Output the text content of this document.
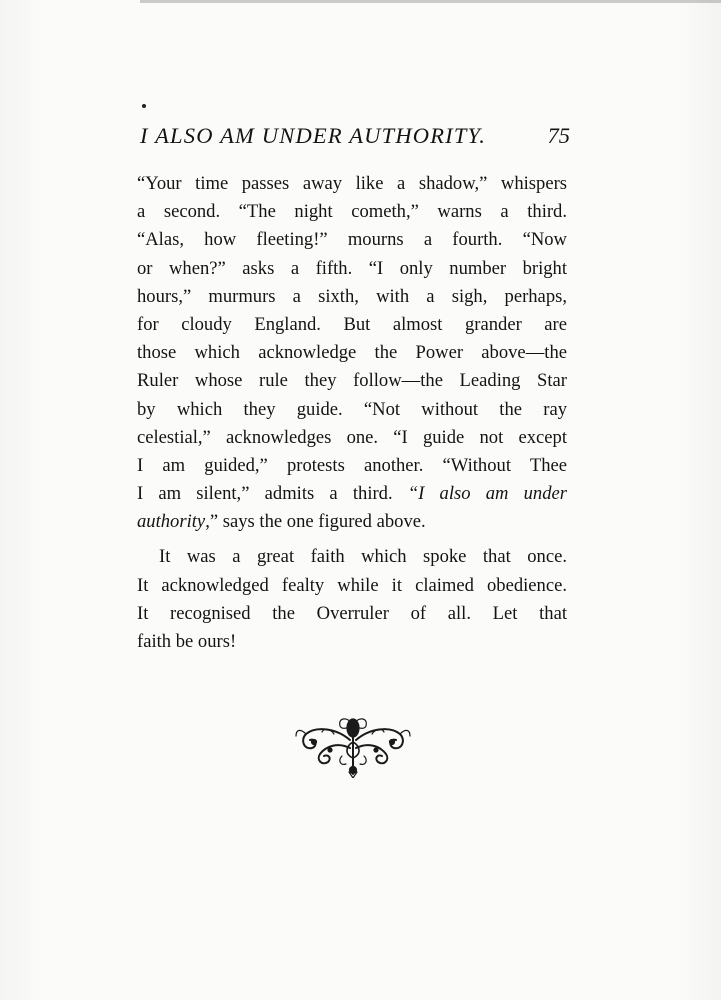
I ALSO AM UNDER AUTHORITY.	75
“Your time passes away like a shadow,” whispers
a second. “The night cometh,” warns a third.
“Alas, how fleeting!” mourns a fourth. “Now
or when?” asks a fifth. “I only number bright
hours,” murmurs a sixth, with a sigh, perhaps,
for cloudy England. But almost grander are
those which acknowledge the Power above—the
Ruler whose rule they follow—the Leading Star
by which they guide. “Not without the ray
celestial,” acknowledges one. “I guide not except
I am guided,” protests another. “Without Thee
I am silent,” admits a third. “I also am under
authority,” says the one figured above.
It was a great faith which spoke that once.
It acknowledged fealty while it claimed obedience.
It recognised the Overruler of all. Let that
faith be ours!
